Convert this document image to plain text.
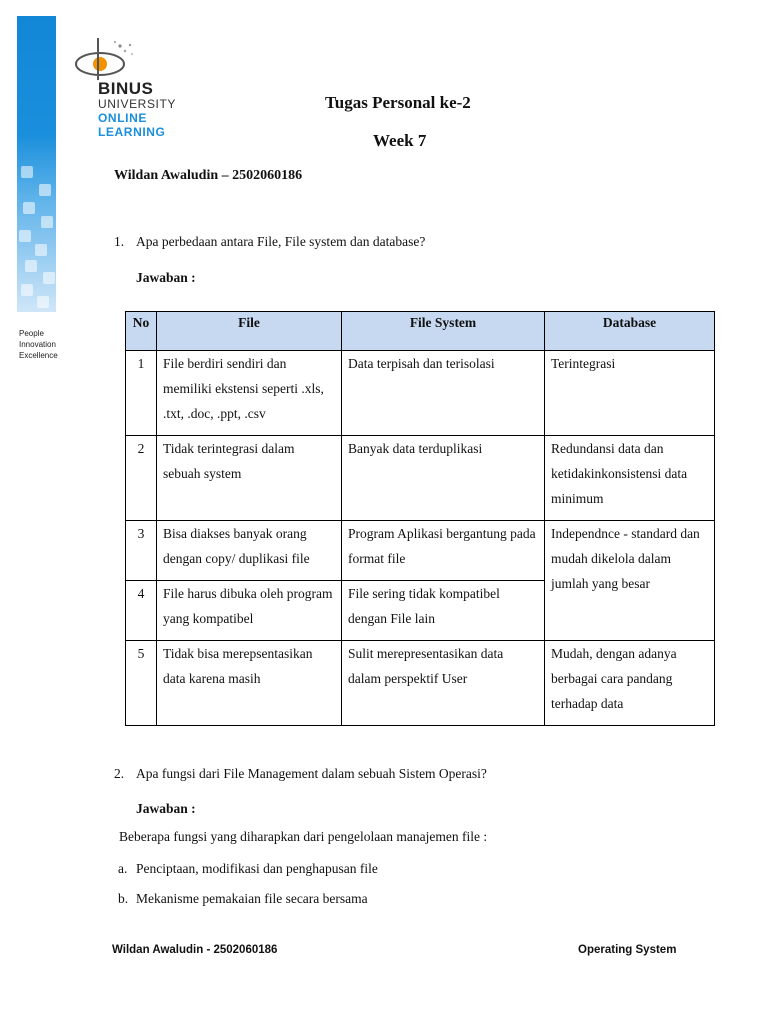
BINUS
UNIVERSITY
ONLINE
LEARNING
People
Innovation
Excellence
Tugas Personal ke-2
Week 7
Wildan Awaludin – 2502060186
1. Apa perbedaan antara File, File system dan database?
Jawaban :
No	File	File System	Database
1	File berdiri sendiri dan memiliki ekstensi seperti .xls, .txt, .doc, .ppt, .csv	Data terpisah dan terisolasi	Terintegrasi
2	Tidak terintegrasi dalam sebuah system	Banyak data terduplikasi	Redundansi data dan ketidakinkonsistensi data minimum
3	Bisa diakses banyak orang dengan copy/ duplikasi file	Program Aplikasi bergantung pada format file	Independnce - standard dan mudah dikelola dalam jumlah yang besar
4	File harus dibuka oleh program yang kompatibel	File sering tidak kompatibel dengan File lain	
5	Tidak bisa merepsentasikan data karena masih	Sulit merepresentasikan data dalam perspektif User	Mudah, dengan adanya berbagai cara pandang terhadap data
2. Apa fungsi dari File Management dalam sebuah Sistem Operasi?
Jawaban :
Beberapa fungsi yang diharapkan dari pengelolaan manajemen file :
a. Penciptaan, modifikasi dan penghapusan file
b. Mekanisme pemakaian file secara bersama
Wildan Awaludin - 2502060186	Operating System
